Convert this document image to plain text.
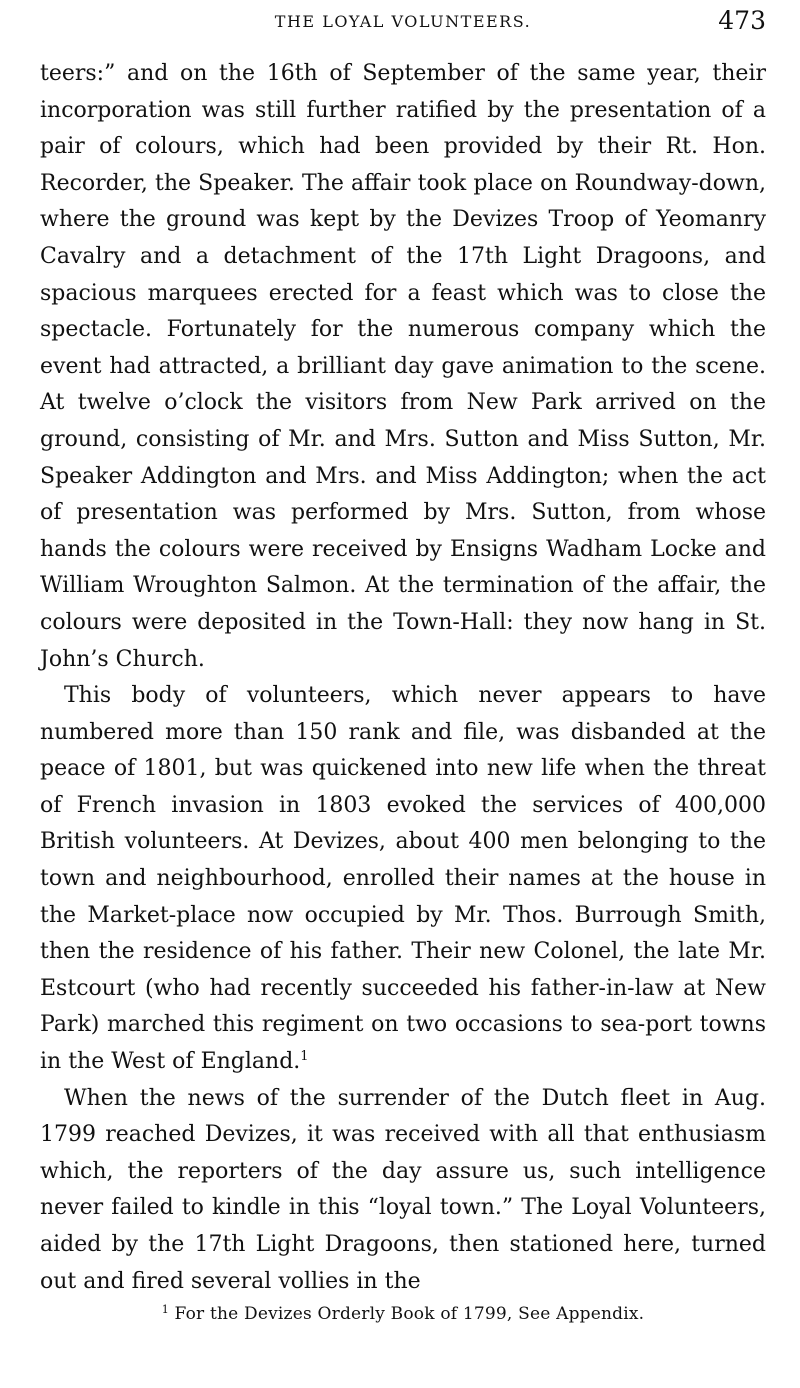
THE LOYAL VOLUNTEERS.	473

teers:” and on the 16th of September of the same year, their incorporation was still further ratified by the presentation of a pair of colours, which had been provided by their Rt. Hon. Recorder, the Speaker. The affair took place on Roundway-down, where the ground was kept by the Devizes Troop of Yeomanry Cavalry and a detachment of the 17th Light Dragoons, and spacious marquees erected for a feast which was to close the spectacle. Fortunately for the numerous company which the event had attracted, a brilliant day gave animation to the scene. At twelve o’clock the visitors from New Park arrived on the ground, consisting of Mr. and Mrs. Sutton and Miss Sutton, Mr. Speaker Addington and Mrs. and Miss Addington; when the act of presentation was performed by Mrs. Sutton, from whose hands the colours were received by Ensigns Wadham Locke and William Wroughton Salmon. At the termination of the affair, the colours were deposited in the Town-Hall: they now hang in St. John’s Church.

This body of volunteers, which never appears to have numbered more than 150 rank and file, was disbanded at the peace of 1801, but was quickened into new life when the threat of French invasion in 1803 evoked the services of 400,000 British volunteers. At Devizes, about 400 men belonging to the town and neighbourhood, enrolled their names at the house in the Market-place now occupied by Mr. Thos. Burrough Smith, then the residence of his father. Their new Colonel, the late Mr. Estcourt (who had recently succeeded his father-in-law at New Park) marched this regiment on two occasions to sea-port towns in the West of England.$^1$

When the news of the surrender of the Dutch fleet in Aug. 1799 reached Devizes, it was received with all that enthusiasm which, the reporters of the day assure us, such intelligence never failed to kindle in this “loyal town.” The Loyal Volunteers, aided by the 17th Light Dragoons, then stationed here, turned out and fired several vollies in the

$^1$ For the Devizes Orderly Book of 1799, See Appendix.
